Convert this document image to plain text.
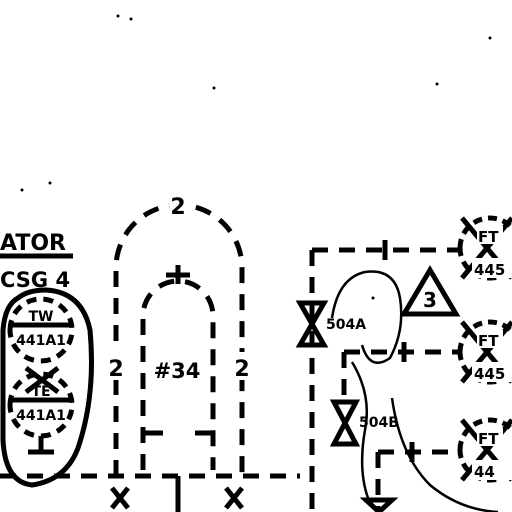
ATOR
CSG 4
TW
441A1
TE
441A1
2
2	2
#34
504A
504B
3
FT
445
FT
445
FT
44
